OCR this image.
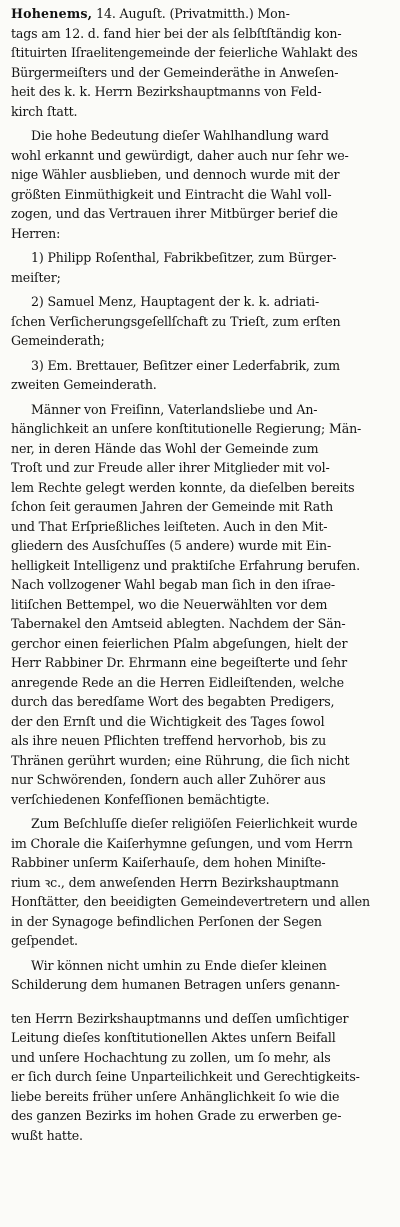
Hohenems, 14. Auguſt. (Privatmitth.) Mon-
tags am 12. d. fand hier bei der als ſelbſtſtändig kon-
ſtituirten Iſraelitengemeinde der feierliche Wahlakt des
Bürgermeiſters und der Gemeinderäthe in Anweſen-
heit des k. k. Herrn Bezirkshauptmanns von Feld-
kirch ſtatt.
Die hohe Bedeutung dieſer Wahlhandlung ward
wohl erkannt und gewürdigt, daher auch nur ſehr we-
nige Wähler ausblieben, und dennoch wurde mit der
größten Einmüthigkeit und Eintracht die Wahl voll-
zogen, und das Vertrauen ihrer Mitbürger berief die
Herren:
1) Philipp Roſenthal, Fabrikbeſitzer, zum Bürger-
meiſter;
2) Samuel Menz, Hauptagent der k. k. adriati-
ſchen Verſicherungsgeſellſchaft zu Trieſt, zum erſten
Gemeinderath;
3) Em. Brettauer, Beſitzer einer Lederfabrik, zum
zweiten Gemeinderath.
Männer von Freiſinn, Vaterlandsliebe und An-
hänglichkeit an unſere konſtitutionelle Regierung; Män-
ner, in deren Hände das Wohl der Gemeinde zum
Troſt und zur Freude aller ihrer Mitglieder mit vol-
lem Rechte gelegt werden konnte, da dieſelben bereits
ſchon ſeit geraumen Jahren der Gemeinde mit Rath
und That Erſprießliches leiſteten. Auch in den Mit-
gliedern des Ausſchuſſes (5 andere) wurde mit Ein-
helligkeit Intelligenz und praktiſche Erfahrung berufen.
Nach vollzogener Wahl begab man ſich in den iſrae-
litiſchen Bettempel, wo die Neuerwählten vor dem
Tabernakel den Amtseid ablegten. Nachdem der Sän-
gerchor einen feierlichen Pſalm abgeſungen, hielt der
Herr Rabbiner Dr. Ehrmann eine begeiſterte und ſehr
anregende Rede an die Herren Eidleiſtenden, welche
durch das beredſame Wort des begabten Predigers,
der den Ernſt und die Wichtigkeit des Tages ſowol
als ihre neuen Pflichten treffend hervorhob, bis zu
Thränen gerührt wurden; eine Rührung, die ſich nicht
nur Schwörenden, ſondern auch aller Zuhörer aus
verſchiedenen Konfeſſionen bemächtigte.
Zum Beſchluſſe dieſer religiöſen Feierlichkeit wurde
im Chorale die Kaiſerhymne geſungen, und vom Herrn
Rabbiner unſerm Kaiſerhauſe, dem hohen Miniſte-
rium ꝛc., dem anweſenden Herrn Bezirkshauptmann
Honſtätter, den beeidigten Gemeindevertretern und allen
in der Synagoge befindlichen Perſonen der Segen
geſpendet.
Wir können nicht umhin zu Ende dieſer kleinen
Schilderung dem humanen Betragen unſers genann-
ten Herrn Bezirkshauptmanns und deſſen umſichtiger
Leitung dieſes konſtitutionellen Aktes unſern Beifall
und unſere Hochachtung zu zollen, um ſo mehr, als
er ſich durch ſeine Unparteilichkeit und Gerechtigkeits-
liebe bereits früher unſere Anhänglichkeit ſo wie die
des ganzen Bezirks im hohen Grade zu erwerben ge-
wußt hatte.
